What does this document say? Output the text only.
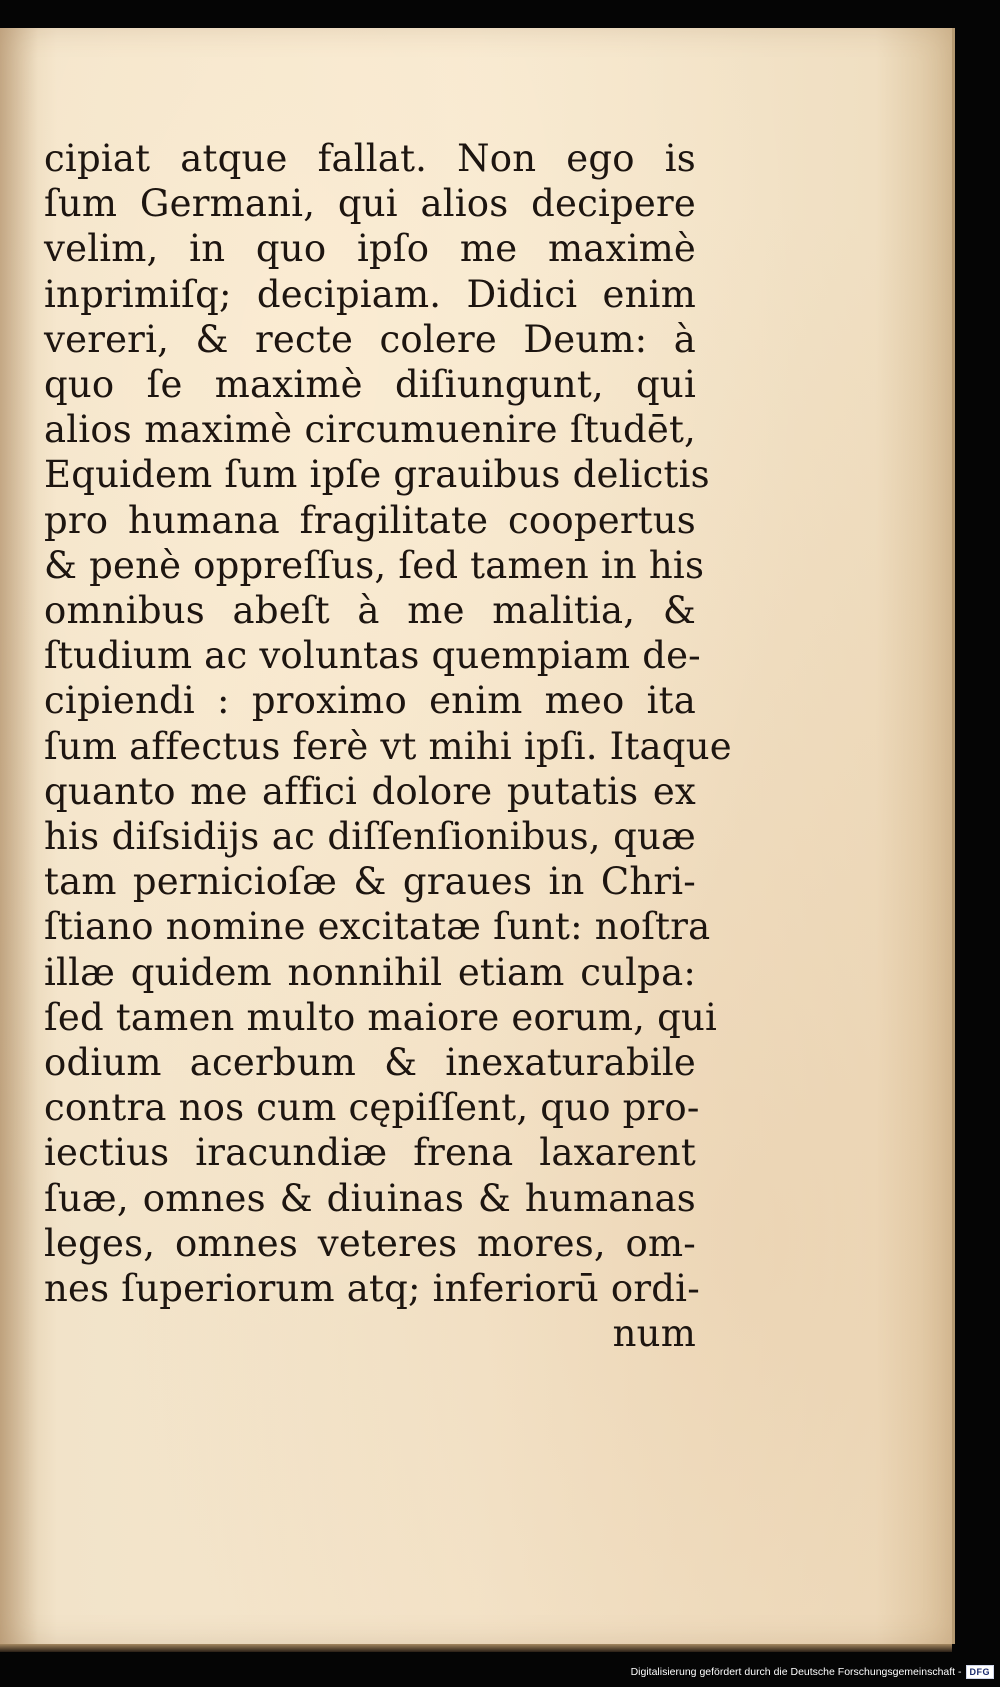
cipiat atque fallat. Non ego is
ſum Germani, qui alios decipere
velim, in quo ipſo me maximè
inprimiſq; decipiam. Didici enim
vereri, & recte colere Deum: à
quo ſe maximè diſiungunt, qui
alios maximè circumuenire ſtudēt,
Equidem ſum ipſe grauibus delictis
pro humana fragilitate coopertus
& penè oppreſſus, ſed tamen in his
omnibus abeſt à me malitia, &
ſtudium ac voluntas quempiam de-
cipiendi : proximo enim meo ita
ſum affectus ferè vt mihi ipſi. Itaque
quanto me affici dolore putatis ex
his diſsidijs ac diſſenſionibus, quæ
tam pernicioſæ & graues in Chri-
ſtiano nomine excitatæ ſunt: noſtra
illæ quidem nonnihil etiam culpa:
ſed tamen multo maiore eorum, qui
odium acerbum & inexaturabile
contra nos cum cępiſſent, quo pro-
iectius iracundiæ frena laxarent
ſuæ, omnes & diuinas & humanas
leges, omnes veteres mores, om-
nes ſuperiorum atq; inferiorū ordi-
num
Digitalisierung gefördert durch die Deutsche Forschungsgemeinschaft - DFG
